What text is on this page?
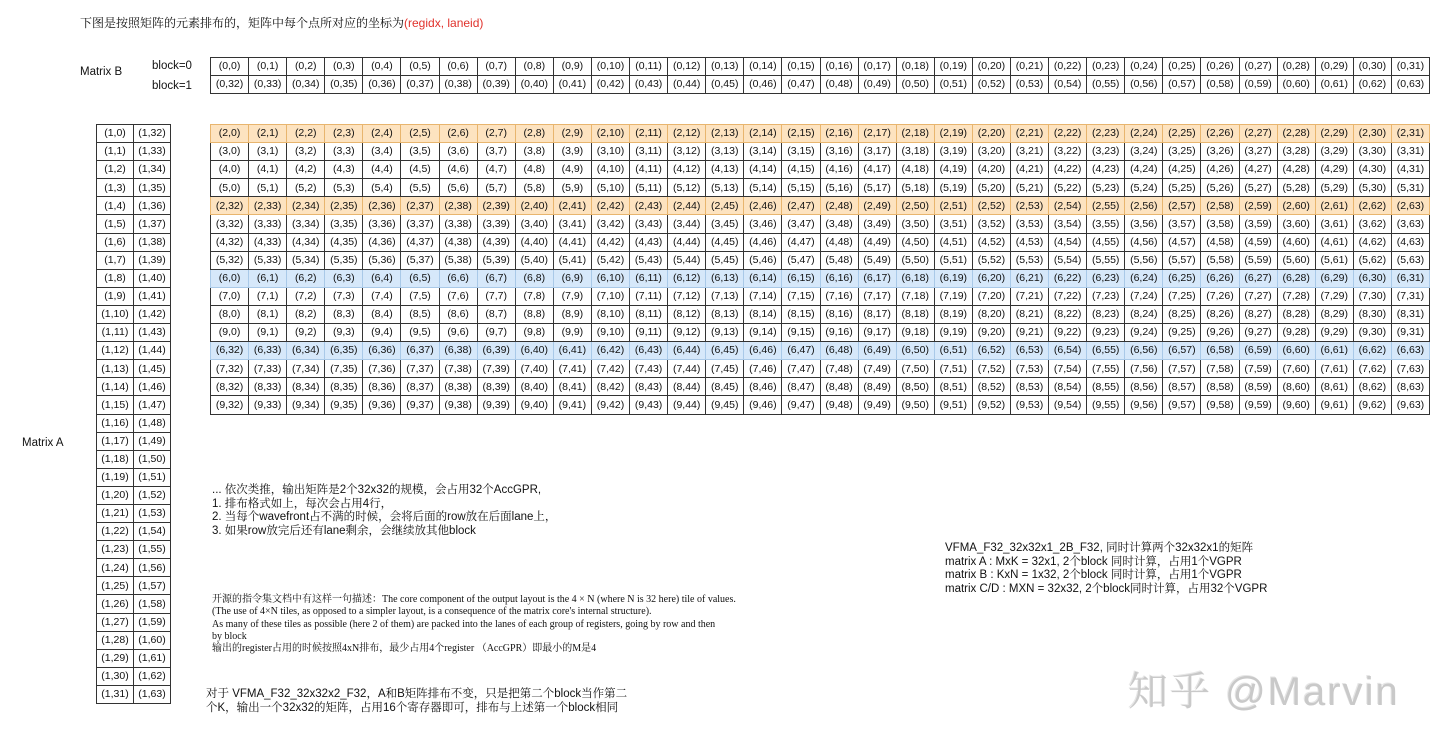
下图是按照矩阵的元素排布的，矩阵中每个点所对应的坐标为(regidx, laneid)
Matrix B	block=0
block=1
(0,0)	(0,1)	(0,2)	(0,3)	(0,4)	(0,5)	(0,6)	(0,7)	(0,8)	(0,9)	(0,10)	(0,11)	(0,12)	(0,13)	(0,14)	(0,15)	(0,16)	(0,17)	(0,18)	(0,19)	(0,20)	(0,21)	(0,22)	(0,23)	(0,24)	(0,25)	(0,26)	(0,27)	(0,28)	(0,29)	(0,30)	(0,31)
(0,32)	(0,33)	(0,34)	(0,35)	(0,36)	(0,37)	(0,38)	(0,39)	(0,40)	(0,41)	(0,42)	(0,43)	(0,44)	(0,45)	(0,46)	(0,47)	(0,48)	(0,49)	(0,50)	(0,51)	(0,52)	(0,53)	(0,54)	(0,55)	(0,56)	(0,57)	(0,58)	(0,59)	(0,60)	(0,61)	(0,62)	(0,63)
Matrix A
(1,0)	(1,32)
(1,1)	(1,33)
(1,2)	(1,34)
(1,3)	(1,35)
(1,4)	(1,36)
(1,5)	(1,37)
(1,6)	(1,38)
(1,7)	(1,39)
(1,8)	(1,40)
(1,9)	(1,41)
(1,10)	(1,42)
(1,11)	(1,43)
(1,12)	(1,44)
(1,13)	(1,45)
(1,14)	(1,46)
(1,15)	(1,47)
(1,16)	(1,48)
(1,17)	(1,49)
(1,18)	(1,50)
(1,19)	(1,51)
(1,20)	(1,52)
(1,21)	(1,53)
(1,22)	(1,54)
(1,23)	(1,55)
(1,24)	(1,56)
(1,25)	(1,57)
(1,26)	(1,58)
(1,27)	(1,59)
(1,28)	(1,60)
(1,29)	(1,61)
(1,30)	(1,62)
(1,31)	(1,63)
(2,0)	(2,1)	(2,2)	(2,3)	(2,4)	(2,5)	(2,6)	(2,7)	(2,8)	(2,9)	(2,10)	(2,11)	(2,12)	(2,13)	(2,14)	(2,15)	(2,16)	(2,17)	(2,18)	(2,19)	(2,20)	(2,21)	(2,22)	(2,23)	(2,24)	(2,25)	(2,26)	(2,27)	(2,28)	(2,29)	(2,30)	(2,31)
(3,0)	(3,1)	(3,2)	(3,3)	(3,4)	(3,5)	(3,6)	(3,7)	(3,8)	(3,9)	(3,10)	(3,11)	(3,12)	(3,13)	(3,14)	(3,15)	(3,16)	(3,17)	(3,18)	(3,19)	(3,20)	(3,21)	(3,22)	(3,23)	(3,24)	(3,25)	(3,26)	(3,27)	(3,28)	(3,29)	(3,30)	(3,31)
(4,0)	(4,1)	(4,2)	(4,3)	(4,4)	(4,5)	(4,6)	(4,7)	(4,8)	(4,9)	(4,10)	(4,11)	(4,12)	(4,13)	(4,14)	(4,15)	(4,16)	(4,17)	(4,18)	(4,19)	(4,20)	(4,21)	(4,22)	(4,23)	(4,24)	(4,25)	(4,26)	(4,27)	(4,28)	(4,29)	(4,30)	(4,31)
(5,0)	(5,1)	(5,2)	(5,3)	(5,4)	(5,5)	(5,6)	(5,7)	(5,8)	(5,9)	(5,10)	(5,11)	(5,12)	(5,13)	(5,14)	(5,15)	(5,16)	(5,17)	(5,18)	(5,19)	(5,20)	(5,21)	(5,22)	(5,23)	(5,24)	(5,25)	(5,26)	(5,27)	(5,28)	(5,29)	(5,30)	(5,31)
(2,32)	(2,33)	(2,34)	(2,35)	(2,36)	(2,37)	(2,38)	(2,39)	(2,40)	(2,41)	(2,42)	(2,43)	(2,44)	(2,45)	(2,46)	(2,47)	(2,48)	(2,49)	(2,50)	(2,51)	(2,52)	(2,53)	(2,54)	(2,55)	(2,56)	(2,57)	(2,58)	(2,59)	(2,60)	(2,61)	(2,62)	(2,63)
(3,32)	(3,33)	(3,34)	(3,35)	(3,36)	(3,37)	(3,38)	(3,39)	(3,40)	(3,41)	(3,42)	(3,43)	(3,44)	(3,45)	(3,46)	(3,47)	(3,48)	(3,49)	(3,50)	(3,51)	(3,52)	(3,53)	(3,54)	(3,55)	(3,56)	(3,57)	(3,58)	(3,59)	(3,60)	(3,61)	(3,62)	(3,63)
(4,32)	(4,33)	(4,34)	(4,35)	(4,36)	(4,37)	(4,38)	(4,39)	(4,40)	(4,41)	(4,42)	(4,43)	(4,44)	(4,45)	(4,46)	(4,47)	(4,48)	(4,49)	(4,50)	(4,51)	(4,52)	(4,53)	(4,54)	(4,55)	(4,56)	(4,57)	(4,58)	(4,59)	(4,60)	(4,61)	(4,62)	(4,63)
(5,32)	(5,33)	(5,34)	(5,35)	(5,36)	(5,37)	(5,38)	(5,39)	(5,40)	(5,41)	(5,42)	(5,43)	(5,44)	(5,45)	(5,46)	(5,47)	(5,48)	(5,49)	(5,50)	(5,51)	(5,52)	(5,53)	(5,54)	(5,55)	(5,56)	(5,57)	(5,58)	(5,59)	(5,60)	(5,61)	(5,62)	(5,63)
(6,0)	(6,1)	(6,2)	(6,3)	(6,4)	(6,5)	(6,6)	(6,7)	(6,8)	(6,9)	(6,10)	(6,11)	(6,12)	(6,13)	(6,14)	(6,15)	(6,16)	(6,17)	(6,18)	(6,19)	(6,20)	(6,21)	(6,22)	(6,23)	(6,24)	(6,25)	(6,26)	(6,27)	(6,28)	(6,29)	(6,30)	(6,31)
(7,0)	(7,1)	(7,2)	(7,3)	(7,4)	(7,5)	(7,6)	(7,7)	(7,8)	(7,9)	(7,10)	(7,11)	(7,12)	(7,13)	(7,14)	(7,15)	(7,16)	(7,17)	(7,18)	(7,19)	(7,20)	(7,21)	(7,22)	(7,23)	(7,24)	(7,25)	(7,26)	(7,27)	(7,28)	(7,29)	(7,30)	(7,31)
(8,0)	(8,1)	(8,2)	(8,3)	(8,4)	(8,5)	(8,6)	(8,7)	(8,8)	(8,9)	(8,10)	(8,11)	(8,12)	(8,13)	(8,14)	(8,15)	(8,16)	(8,17)	(8,18)	(8,19)	(8,20)	(8,21)	(8,22)	(8,23)	(8,24)	(8,25)	(8,26)	(8,27)	(8,28)	(8,29)	(8,30)	(8,31)
(9,0)	(9,1)	(9,2)	(9,3)	(9,4)	(9,5)	(9,6)	(9,7)	(9,8)	(9,9)	(9,10)	(9,11)	(9,12)	(9,13)	(9,14)	(9,15)	(9,16)	(9,17)	(9,18)	(9,19)	(9,20)	(9,21)	(9,22)	(9,23)	(9,24)	(9,25)	(9,26)	(9,27)	(9,28)	(9,29)	(9,30)	(9,31)
(6,32)	(6,33)	(6,34)	(6,35)	(6,36)	(6,37)	(6,38)	(6,39)	(6,40)	(6,41)	(6,42)	(6,43)	(6,44)	(6,45)	(6,46)	(6,47)	(6,48)	(6,49)	(6,50)	(6,51)	(6,52)	(6,53)	(6,54)	(6,55)	(6,56)	(6,57)	(6,58)	(6,59)	(6,60)	(6,61)	(6,62)	(6,63)
(7,32)	(7,33)	(7,34)	(7,35)	(7,36)	(7,37)	(7,38)	(7,39)	(7,40)	(7,41)	(7,42)	(7,43)	(7,44)	(7,45)	(7,46)	(7,47)	(7,48)	(7,49)	(7,50)	(7,51)	(7,52)	(7,53)	(7,54)	(7,55)	(7,56)	(7,57)	(7,58)	(7,59)	(7,60)	(7,61)	(7,62)	(7,63)
(8,32)	(8,33)	(8,34)	(8,35)	(8,36)	(8,37)	(8,38)	(8,39)	(8,40)	(8,41)	(8,42)	(8,43)	(8,44)	(8,45)	(8,46)	(8,47)	(8,48)	(8,49)	(8,50)	(8,51)	(8,52)	(8,53)	(8,54)	(8,55)	(8,56)	(8,57)	(8,58)	(8,59)	(8,60)	(8,61)	(8,62)	(8,63)
(9,32)	(9,33)	(9,34)	(9,35)	(9,36)	(9,37)	(9,38)	(9,39)	(9,40)	(9,41)	(9,42)	(9,43)	(9,44)	(9,45)	(9,46)	(9,47)	(9,48)	(9,49)	(9,50)	(9,51)	(9,52)	(9,53)	(9,54)	(9,55)	(9,56)	(9,57)	(9,58)	(9,59)	(9,60)	(9,61)	(9,62)	(9,63)
... 依次类推，输出矩阵是2个32x32的规模，会占用32个AccGPR,
1. 排布格式如上，每次会占用4行，
2. 当每个wavefront占不满的时候，会将后面的row放在后面lane上，
3. 如果row放完后还有lane剩余，会继续放其他block
开源的指令集文档中有这样一句描述：The core component of the output layout is the 4 × N (where N is 32 here) tile of values.
(The use of 4×N tiles, as opposed to a simpler layout, is a consequence of the matrix core's internal structure).
As many of these tiles as possible (here 2 of them) are packed into the lanes of each group of registers, going by row and then
by block
输出的register占用的时候按照4xN排布，最少占用4个register （AccGPR）即最小的M是4
对于 VFMA_F32_32x32x2_F32，A和B矩阵排布不变，只是把第二个block当作第二
个K，输出一个32x32的矩阵，占用16个寄存器即可，排布与上述第一个block相同
VFMA_F32_32x32x1_2B_F32, 同时计算两个32x32x1的矩阵
matrix A : MxK = 32x1, 2个block 同时计算，占用1个VGPR
matrix B : KxN = 1x32, 2个block 同时计算，占用1个VGPR
matrix C/D : MXN = 32x32, 2个block同时计算，占用32个VGPR
知乎 @Marvin
